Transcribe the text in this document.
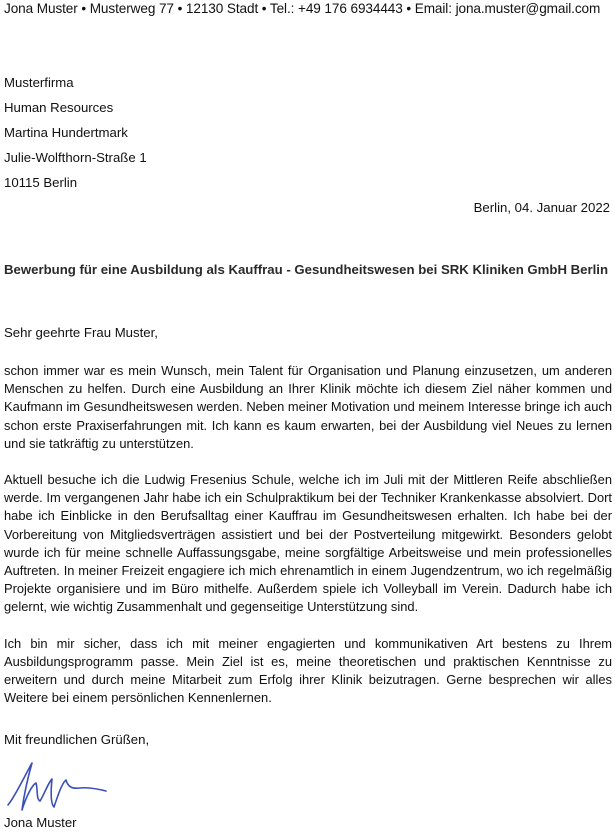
Jona Muster • Musterweg 77 • 12130 Stadt • Tel.: +49 176 6934443 • Email: jona.muster@gmail.com
Musterfirma
Human Resources
Martina Hundertmark
Julie-Wolfthorn-Straße 1
10115 Berlin
Berlin, 04. Januar 2022
Bewerbung für eine Ausbildung als Kauffrau - Gesundheitswesen bei SRK Kliniken GmbH Berlin
Sehr geehrte Frau Muster,

schon immer war es mein Wunsch, mein Talent für Organisation und Planung einzusetzen, um anderen Menschen zu helfen. Durch eine Ausbildung an Ihrer Klinik möchte ich diesem Ziel näher kommen und Kaufmann im Gesundheitswesen werden. Neben meiner Motivation und meinem Interesse bringe ich auch schon erste Praxiserfahrungen mit. Ich kann es kaum erwarten, bei der Ausbildung viel Neues zu lernen und sie tatkräftig zu unterstützen.

Aktuell besuche ich die Ludwig Fresenius Schule, welche ich im Juli mit der Mittleren Reife abschließen werde. Im vergangenen Jahr habe ich ein Schulpraktikum bei der Techniker Krankenkasse absolviert. Dort habe ich Einblicke in den Berufsalltag einer Kauffrau im Gesundheitswesen erhalten. Ich habe bei der Vorbereitung von Mitgliedsverträgen assistiert und bei der Postverteilung mitgewirkt. Besonders gelobt wurde ich für meine schnelle Auffassungsgabe, meine sorgfältige Arbeitsweise und mein professionelles Auftreten. In meiner Freizeit engagiere ich mich ehrenamtlich in einem Jugendzentrum, wo ich regelmäßig Projekte organisiere und im Büro mithelfe. Außerdem spiele ich Volleyball im Verein. Dadurch habe ich gelernt, wie wichtig Zusammenhalt und gegenseitige Unterstützung sind.

Ich bin mir sicher, dass ich mit meiner engagierten und kommunikativen Art bestens zu Ihrem Ausbildungsprogramm passe. Mein Ziel ist es, meine theoretischen und praktischen Kenntnisse zu erweitern und durch meine Mitarbeit zum Erfolg ihrer Klinik beizutragen. Gerne besprechen wir alles Weitere bei einem persönlichen Kennenlernen.

Mit freundlichen Grüßen,
Jona Muster
